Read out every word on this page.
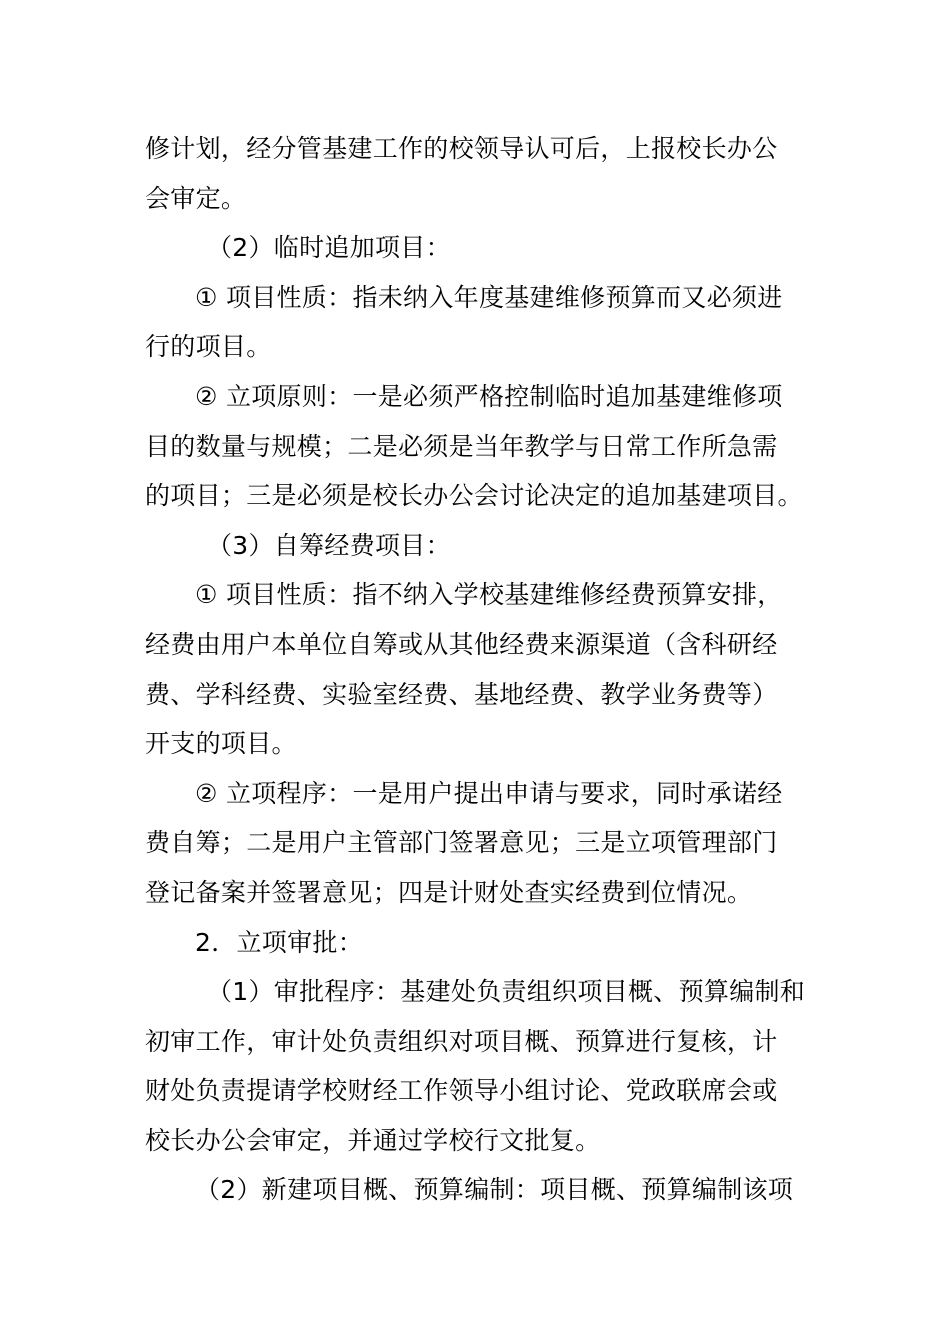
修计划，经分管基建工作的校领导认可后，上报校长办公
会审定。
（2）临时追加项目：
① 项目性质：指未纳入年度基建维修预算而又必须进
行的项目。
② 立项原则：一是必须严格控制临时追加基建维修项
目的数量与规模；二是必须是当年教学与日常工作所急需
的项目；三是必须是校长办公会讨论决定的追加基建项目。
（3）自筹经费项目：
① 项目性质：指不纳入学校基建维修经费预算安排，
经费由用户本单位自筹或从其他经费来源渠道（含科研经
费、学科经费、实验室经费、基地经费、教学业务费等）
开支的项目。
② 立项程序：一是用户提出申请与要求，同时承诺经
费自筹；二是用户主管部门签署意见；三是立项管理部门
登记备案并签署意见；四是计财处查实经费到位情况。
2．立项审批：
（1）审批程序：基建处负责组织项目概、预算编制和
初审工作，审计处负责组织对项目概、预算进行复核，计
财处负责提请学校财经工作领导小组讨论、党政联席会或
校长办公会审定，并通过学校行文批复。
（2）新建项目概、预算编制：项目概、预算编制该项
